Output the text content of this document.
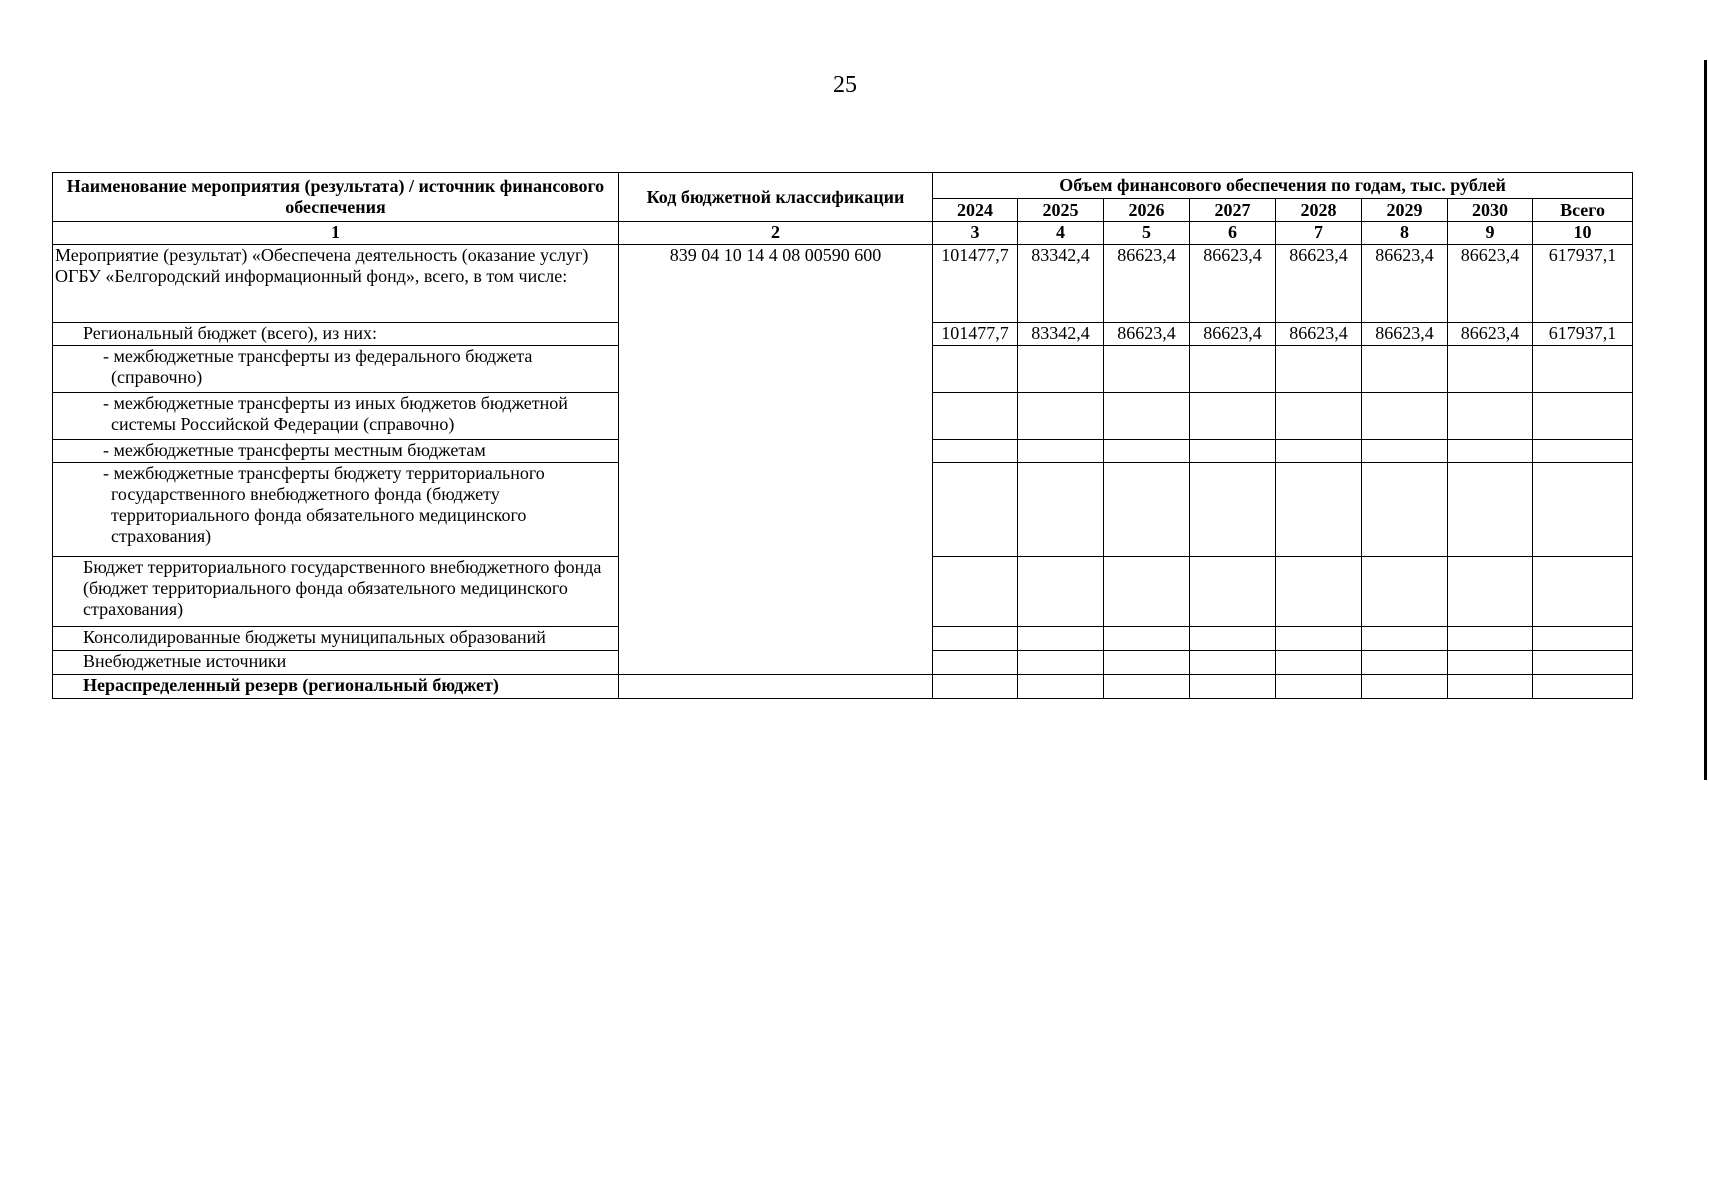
25
Наименование мероприятия (результата) / источник финансового обеспечения	Код бюджетной классификации	Объем финансового обеспечения по годам, тыс. рублей							
		2024	2025	2026	2027	2028	2029	2030	Всего
1	2	3	4	5	6	7	8	9	10
Мероприятие (результат) «Обеспечена деятельность (оказание услуг) ОГБУ «Белгородский информационный фонд», всего, в том числе:	839 04 10 14 4 08 00590 600	101477,7	83342,4	86623,4	86623,4	86623,4	86623,4	86623,4	617937,1
Региональный бюджет (всего), из них:		101477,7	83342,4	86623,4	86623,4	86623,4	86623,4	86623,4	617937,1
- межбюджетные трансферты из федерального бюджета (справочно)									
- межбюджетные трансферты из иных бюджетов бюджетной системы Российской Федерации (справочно)									
- межбюджетные трансферты местным бюджетам									
- межбюджетные трансферты бюджету территориального государственного внебюджетного фонда (бюджету территориального фонда обязательного медицинского страхования)									
Бюджет территориального государственного внебюджетного фонда (бюджет территориального фонда обязательного медицинского страхования)									
Консолидированные бюджеты муниципальных образований									
Внебюджетные источники									
Нераспределенный резерв (региональный бюджет)									
